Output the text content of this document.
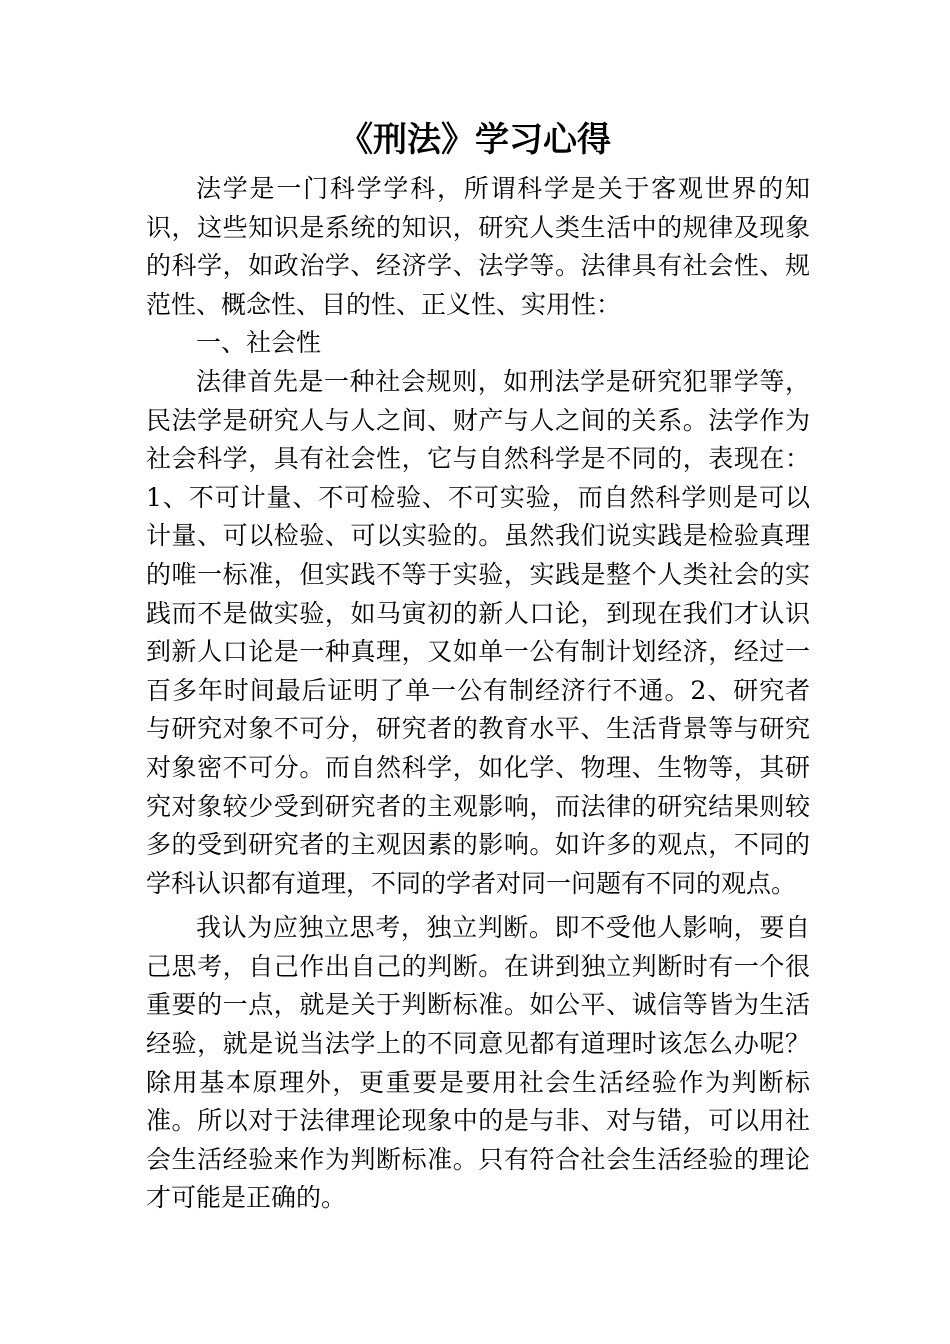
《刑法》学习心得

法学是一门科学学科，所谓科学是关于客观世界的知识，这些知识是系统的知识，研究人类生活中的规律及现象的科学，如政治学、经济学、法学等。法律具有社会性、规范性、概念性、目的性、正义性、实用性：

一、社会性

法律首先是一种社会规则，如刑法学是研究犯罪学等，民法学是研究人与人之间、财产与人之间的关系。法学作为社会科学，具有社会性，它与自然科学是不同的，表现在：1、不可计量、不可检验、不可实验，而自然科学则是可以计量、可以检验、可以实验的。虽然我们说实践是检验真理的唯一标准，但实践不等于实验，实践是整个人类社会的实践而不是做实验，如马寅初的新人口论，到现在我们才认识到新人口论是一种真理，又如单一公有制计划经济，经过一百多年时间最后证明了单一公有制经济行不通。2、研究者与研究对象不可分，研究者的教育水平、生活背景等与研究对象密不可分。而自然科学，如化学、物理、生物等，其研究对象较少受到研究者的主观影响，而法律的研究结果则较多的受到研究者的主观因素的影响。如许多的观点，不同的学科认识都有道理，不同的学者对同一问题有不同的观点。

我认为应独立思考，独立判断。即不受他人影响，要自己思考，自己作出自己的判断。在讲到独立判断时有一个很重要的一点，就是关于判断标准。如公平、诚信等皆为生活经验，就是说当法学上的不同意见都有道理时该怎么办呢？除用基本原理外，更重要是要用社会生活经验作为判断标准。所以对于法律理论现象中的是与非、对与错，可以用社会生活经验来作为判断标准。只有符合社会生活经验的理论才可能是正确的。
